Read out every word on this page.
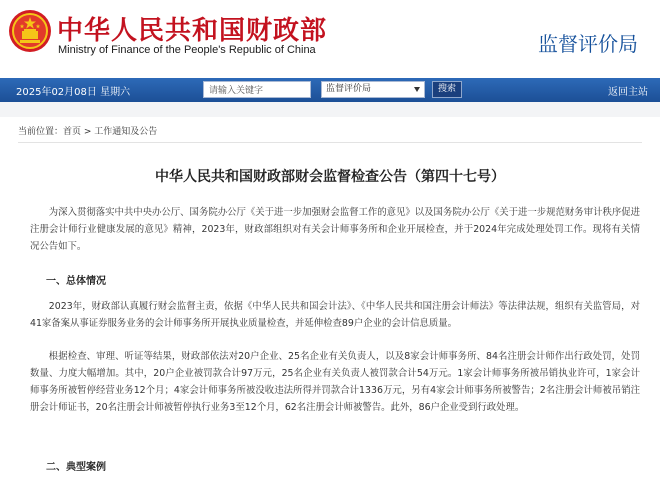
中华人民共和国财政部
Ministry of Finance of the People's Republic of China	监督评价局
2025年02月08日 星期六
请输入关键字	监督评价局	搜索	返回主站
当前位置：首页 > 工作通知及公告
中华人民共和国财政部财会监督检查公告（第四十七号）

为深入贯彻落实中共中央办公厅、国务院办公厅《关于进一步加强财会监督工作的意见》以及国务院办公厅《关于进一步规范财务审计秩序促进注册会计师行业健康发展的意见》精神，2023年，财政部组织对有关会计师事务所和企业开展检查，并于2024年完成处理处罚工作。现将有关情况公告如下。

一、总体情况

2023年，财政部认真履行财会监督主责，依据《中华人民共和国会计法》、《中华人民共和国注册会计师法》等法律法规，组织有关监管局，对41家备案从事证券服务业务的会计师事务所开展执业质量检查，并延伸检查89户企业的会计信息质量。

根据检查、审理、听证等结果，财政部依法对20户企业、25名企业有关负责人，以及8家会计师事务所、84名注册会计师作出行政处罚，处罚数量、力度大幅增加。其中，20户企业被罚款合计97万元，25名企业有关负责人被罚款合计54万元。1家会计师事务所被吊销执业许可，1家会计师事务所被暂停经营业务12个月；4家会计师事务所被没收违法所得并罚款合计1336万元，另有4家会计师事务所被警告；2名注册会计师被吊销注册会计师证书，20名注册会计师被暂停执行业务3至12个月，62名注册会计师被警告。此外，86户企业受到行政处理。

二、典型案例
